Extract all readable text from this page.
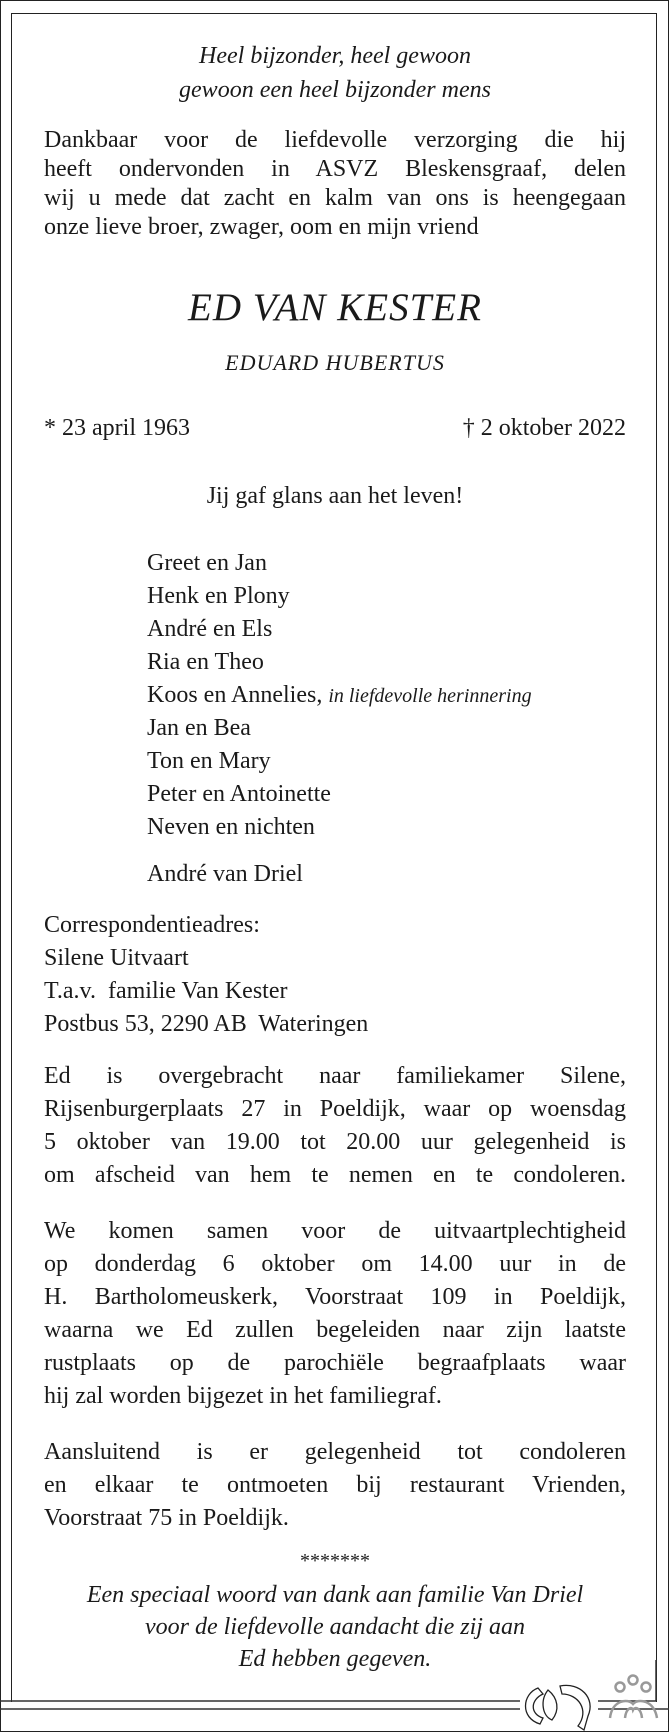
Heel bijzonder, heel gewoon
gewoon een heel bijzonder mens
Dankbaar voor de liefdevolle verzorging die hij
heeft ondervonden in ASVZ Bleskensgraaf, delen
wij u mede dat zacht en kalm van ons is heengegaan
onze lieve broer, zwager, oom en mijn vriend
ED VAN KESTER
EDUARD HUBERTUS
* 23 april 1963	† 2 oktober 2022
Jij gaf glans aan het leven!
Greet en Jan
Henk en Plony
André en Els
Ria en Theo
Koos en Annelies, in liefdevolle herinnering
Jan en Bea
Ton en Mary
Peter en Antoinette
Neven en nichten
André van Driel
Correspondentieadres:
Silene Uitvaart
T.a.v.  familie Van Kester
Postbus 53, 2290 AB  Wateringen
Ed is overgebracht naar familiekamer Silene,
Rijsenburgerplaats 27 in Poeldijk, waar op woensdag
5 oktober van 19.00 tot 20.00 uur gelegenheid is
om afscheid van hem te nemen en te condoleren.
We komen samen voor de uitvaartplechtigheid
op donderdag 6 oktober om 14.00 uur in de
H. Bartholomeuskerk, Voorstraat 109 in Poeldijk,
waarna we Ed zullen begeleiden naar zijn laatste
rustplaats op de parochiële begraafplaats waar
hij zal worden bijgezet in het familiegraf.
Aansluitend is er gelegenheid tot condoleren
en elkaar te ontmoeten bij restaurant Vrienden,
Voorstraat 75 in Poeldijk.
*******
Een speciaal woord van dank aan familie Van Driel
voor de liefdevolle aandacht die zij aan
Ed hebben gegeven.
